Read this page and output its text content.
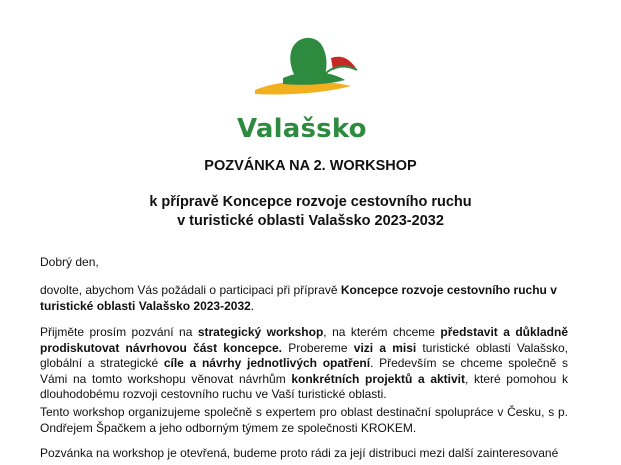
Valašsko
POZVÁNKA NA 2. WORKSHOP
k přípravě Koncepce rozvoje cestovního ruchu
v turistické oblasti Valašsko 2023-2032
Dobrý den,
dovolte, abychom Vás požádali o participaci při přípravě Koncepce rozvoje cestovního ruchu v turistické oblasti Valašsko 2023-2032.
Přijměte prosím pozvání na strategický workshop, na kterém chceme představit a důkladně prodiskutovat návrhovou část koncepce. Probereme vizi a misi turistické oblasti Valašsko, globální a strategické cíle a návrhy jednotlivých opatření. Především se chceme společně s Vámi na tomto workshopu věnovat návrhům konkrétních projektů a aktivit, které pomohou k dlouhodobému rozvoji cestovního ruchu ve Vaší turistické oblasti.
Tento workshop organizujeme společně s expertem pro oblast destinační spolupráce v Česku, s p. Ondřejem Špačkem a jeho odborným týmem ze společnosti KROKEM.
Pozvánka na workshop je otevřená, budeme proto rádi za její distribuci mezi další zainteresované
